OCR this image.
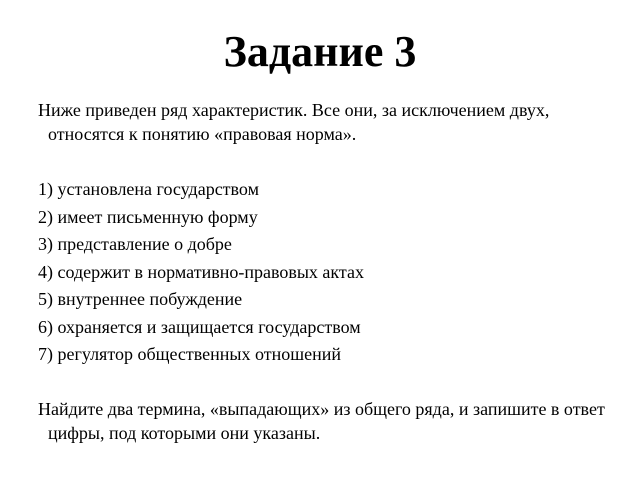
Задание 3

Ниже приведен ряд характеристик. Все они, за исключением двух, относятся к понятию «правовая норма».

1) установлена государством
2) имеет письменную форму
3) представление о добре
4) содержит в нормативно-правовых актах
5) внутреннее побуждение
6) охраняется и защищается государством
7) регулятор общественных отношений

Найдите два термина, «выпадающих» из общего ряда, и запишите в ответ цифры, под которыми они указаны.
